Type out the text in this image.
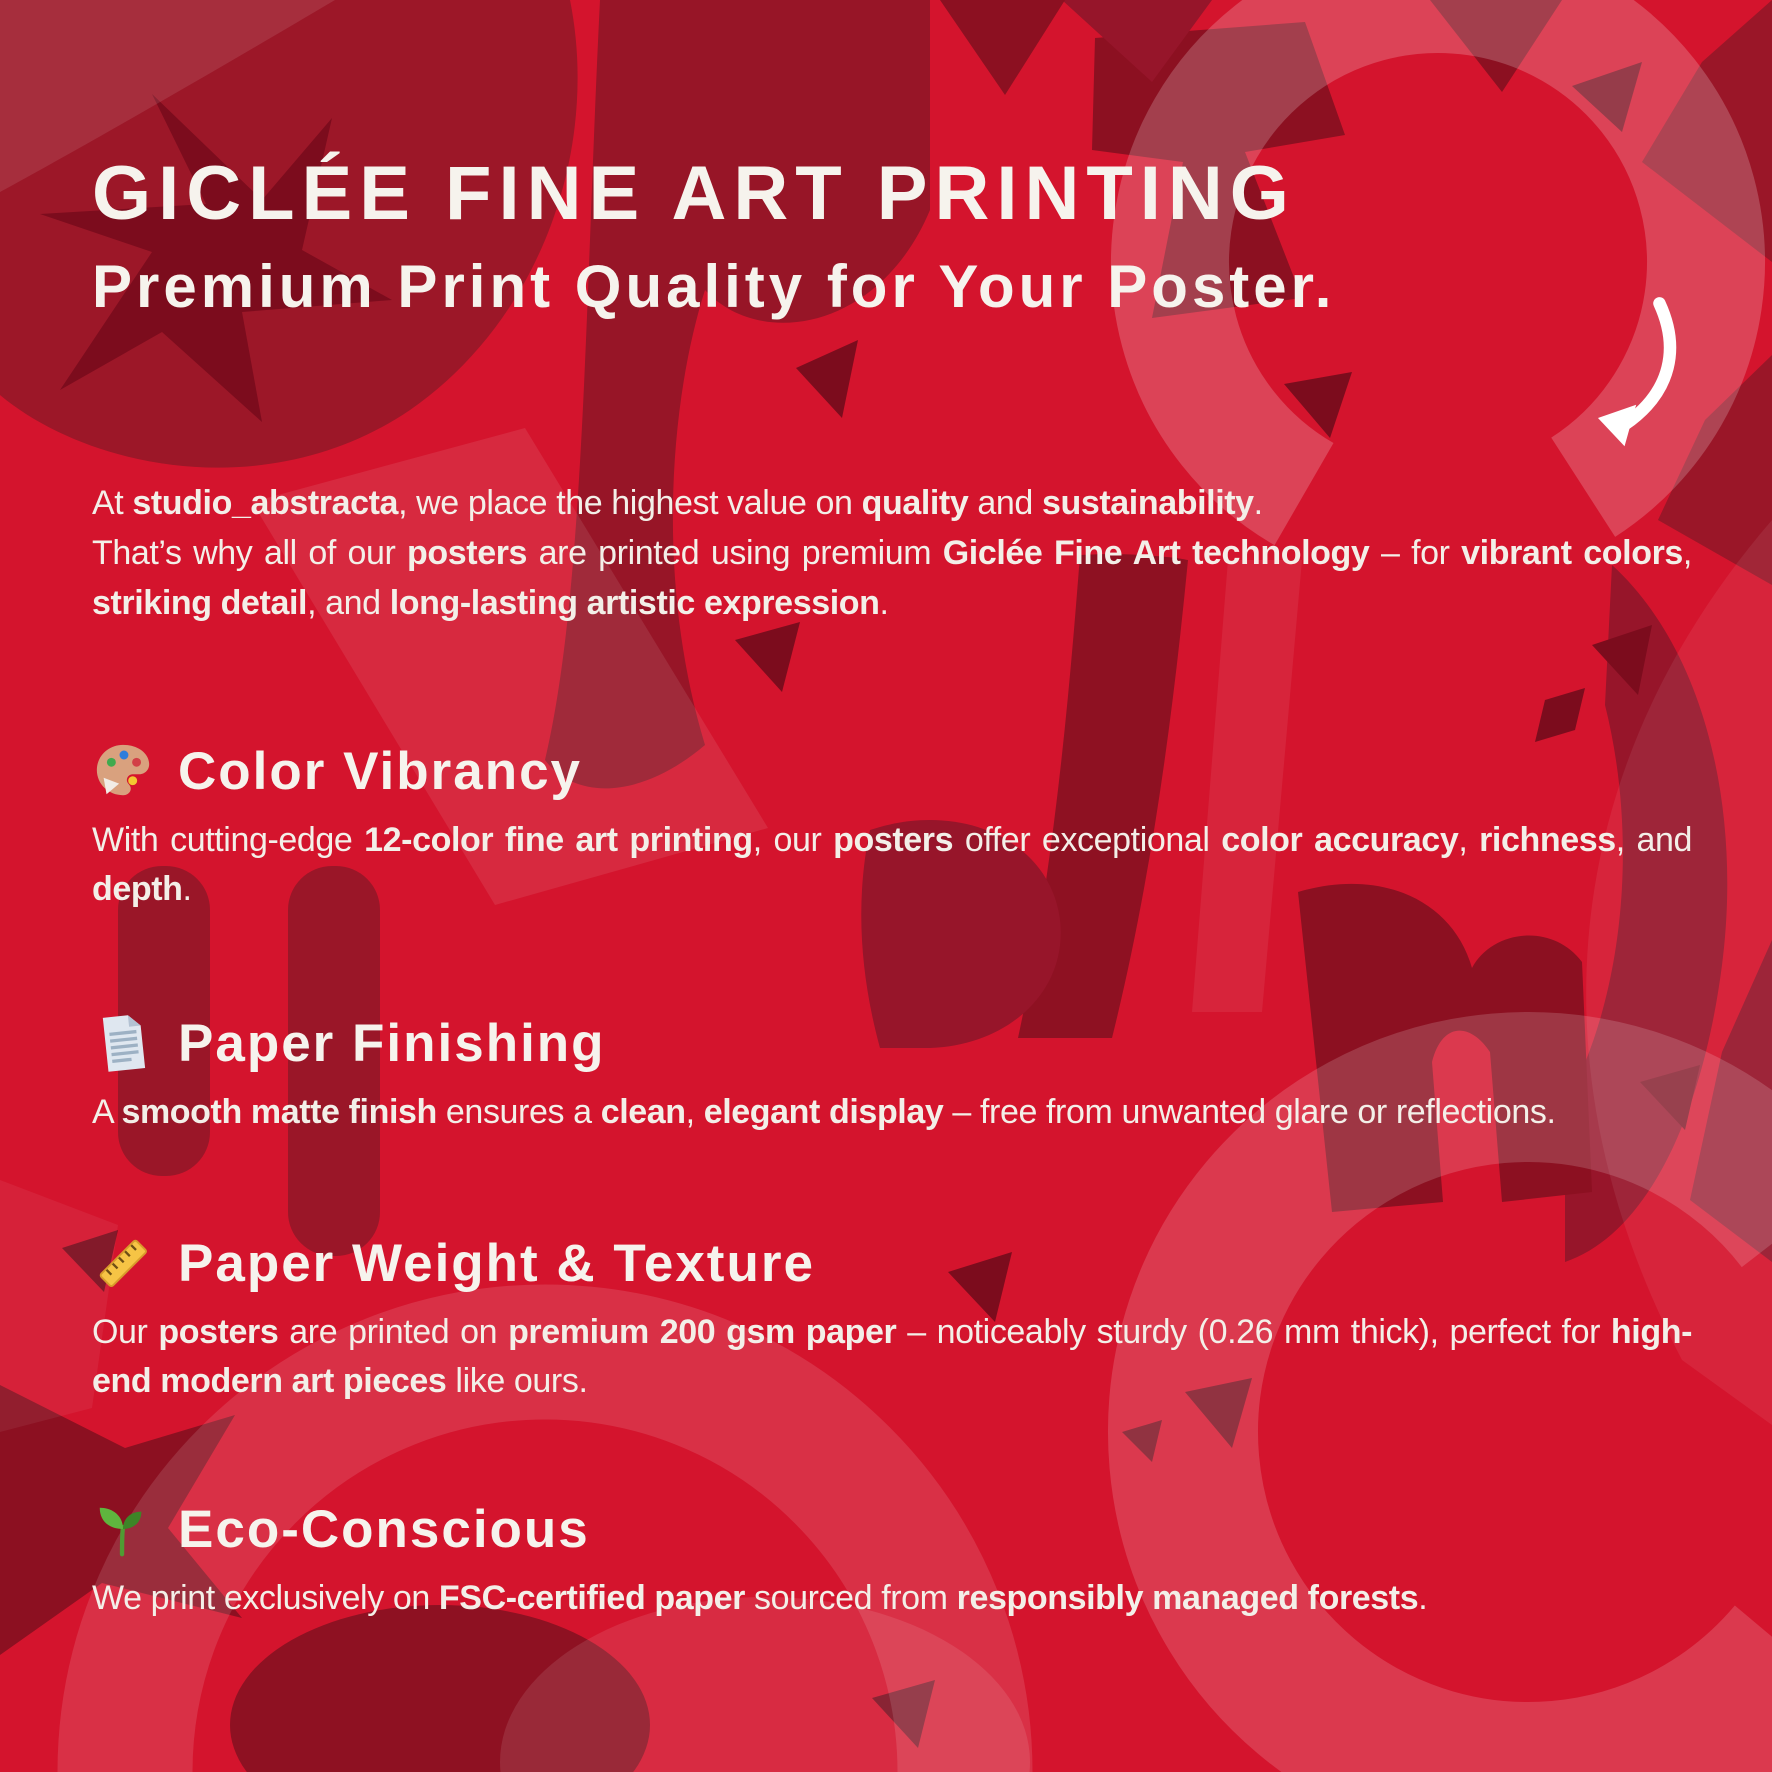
GICLÉE FINE ART PRINTING
Premium Print Quality for Your Poster.

At studio_abstracta, we place the highest value on quality and sustainability.
That’s why all of our posters are printed using premium Giclée Fine Art technology – for vibrant colors, striking detail, and long-lasting artistic expression.

Color Vibrancy

With cutting-edge 12-color fine art printing, our posters offer exceptional color accuracy, richness, and depth.

Paper Finishing

A smooth matte finish ensures a clean, elegant display – free from unwanted glare or reflections.

Paper Weight & Texture

Our posters are printed on premium 200 gsm paper – noticeably sturdy (0.26 mm thick), perfect for high-end modern art pieces like ours.

Eco-Conscious

We print exclusively on FSC-certified paper sourced from responsibly managed forests.
